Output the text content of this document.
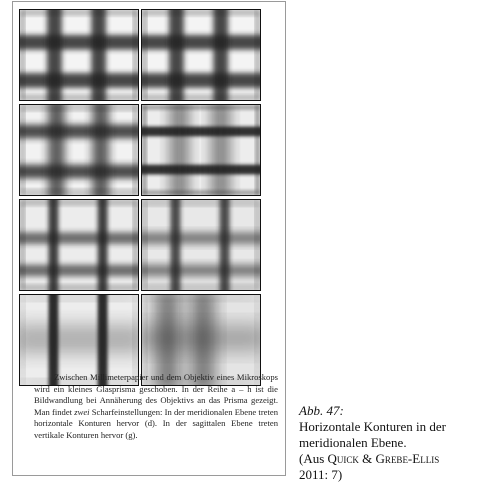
Zwischen Millimeterpapier und dem Objektiv eines Mikroskops wird ein kleines Glasprisma geschoben. In der Reihe a – h ist die Bildwandlung bei Annäherung des Objektivs an das Prisma gezeigt. Man findet zwei Scharfeinstellungen: In der meridionalen Ebene treten horizontale Konturen hervor (d). In der sagittalen Ebene treten vertikale Konturen hervor (g).

Abb. 47:
Horizontale Konturen in der
meridionalen Ebene.
(Aus Quick & Grebe-Ellis
2011: 7)
